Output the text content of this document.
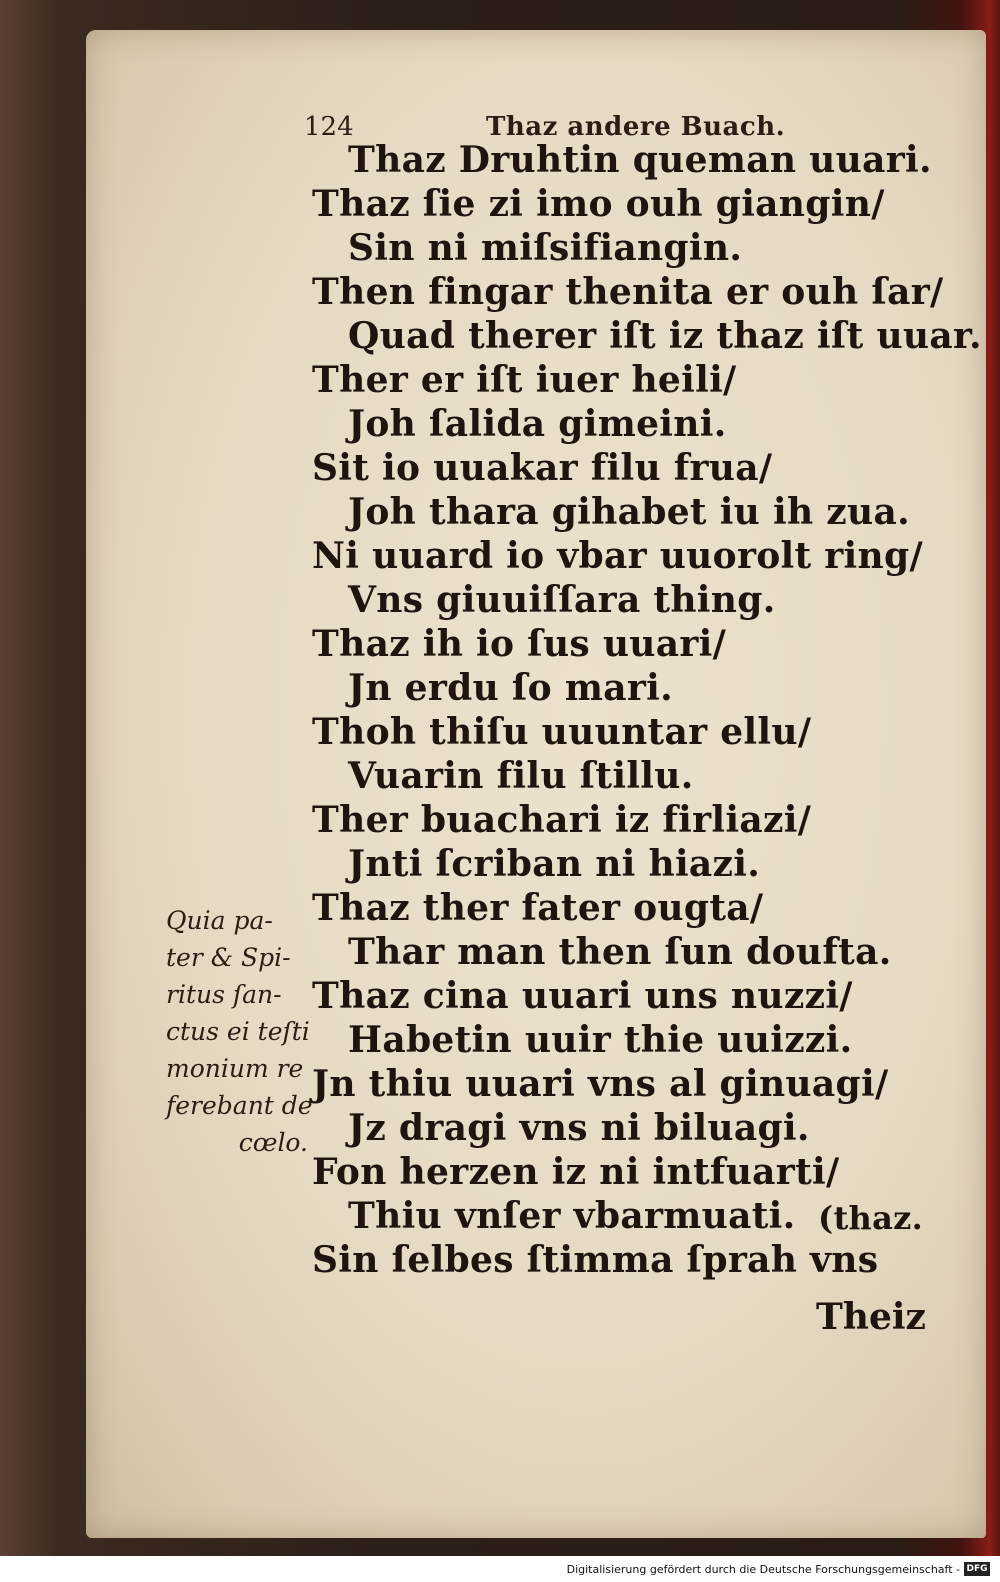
124	Thaz andere Buach.
Thaz Druhtin queman uuari.
Thaz ſie zi imo ouh giangin/
Sin ni miſsifiangin.
Then fingar thenita er ouh ſar/
Quad therer iſt iz thaz iſt uuar.
Ther er iſt iuer heili/
Joh ſalida gimeini.
Sit io uuakar filu frua/
Joh thara gihabet iu ih zua.
Ni uuard io vbar uuorolt ring/
Vns giuuiſſara thing.
Thaz ih io ſus uuari/
Jn erdu ſo mari.
Thoh thiſu uuuntar ellu/
Vuarin filu ſtillu.
Ther buachari iz firliazi/
Jnti ſcriban ni hiazi.
Thaz ther fater ougta/
Thar man then ſun doufta.
Thaz cina uuari uns nuzzi/
Habetin uuir thie uuizzi.
Jn thiu uuari vns al ginuagi/
Jz dragi vns ni biluagi.
Fon herzen iz ni intfuarti/
Thiu vnſer vbarmuati. (thaz.
Sin ſelbes ſtimma ſprah vns
Theiz
Quia pa-
ter & Spi-
ritus ſan-
ctus ei teſti
monium re
ferebant de
cœlo.
Digitalisierung gefördert durch die Deutsche Forschungsgemeinschaft - DFG
